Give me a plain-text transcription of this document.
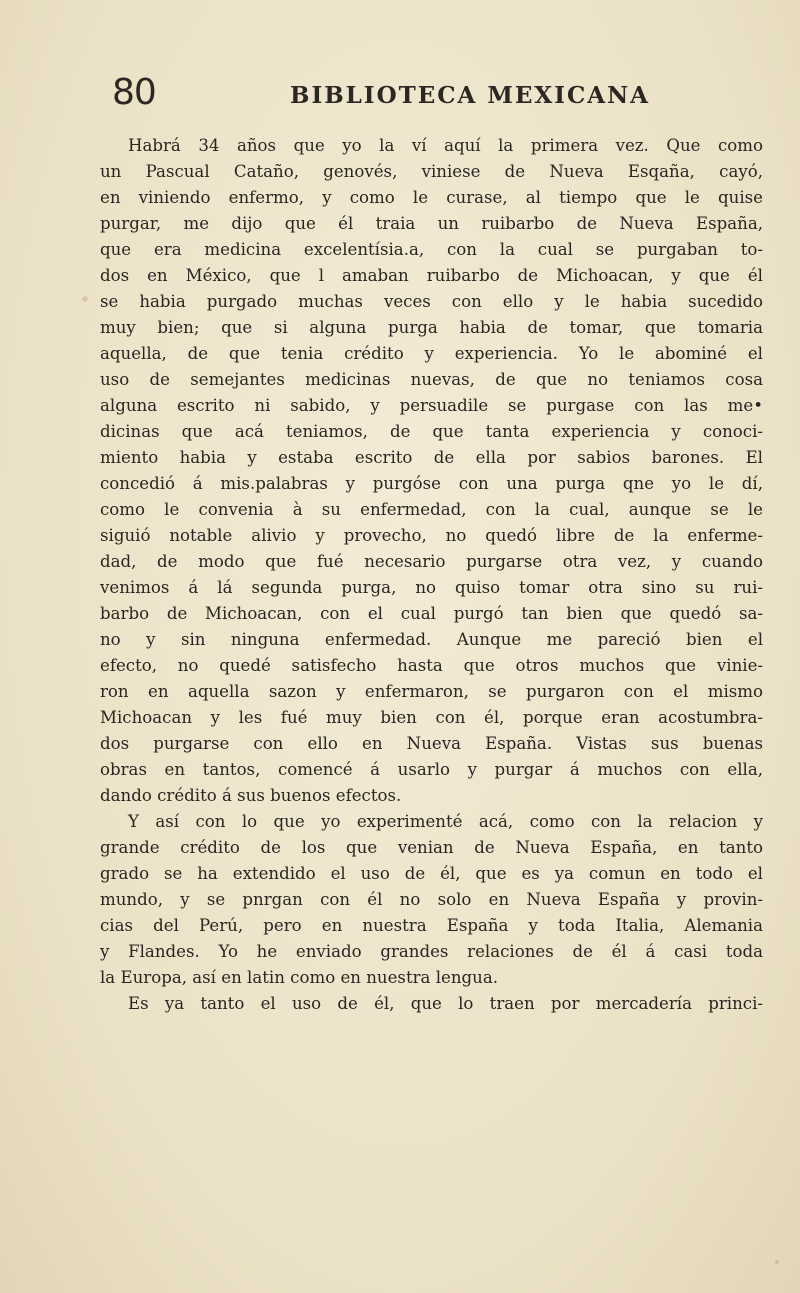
80	BIBLIOTECA MEXICANA
Habrá 34 años que yo la ví aquí la primera vez. Que como
un Pascual Cataño, genovés, viniese de Nueva Esqaña, cayó,
en viniendo enfermo, y como le curase, al tiempo que le quise
purgar, me dijo que él traia un ruibarbo de Nueva España,
que era medicina excelentísia.a, con la cual se purgaban to-
dos en México, que l amaban ruibarbo de Michoacan, y que él
se habia purgado muchas veces con ello y le habia sucedido
muy bien; que si alguna purga habia de tomar, que tomaria
aquella, de que tenia crédito y experiencia. Yo le abominé el
uso de semejantes medicinas nuevas, de que no teniamos cosa
alguna escrito ni sabido, y persuadile se purgase con las me•
dicinas que acá teniamos, de que tanta experiencia y conoci-
miento habia y estaba escrito de ella por sabios barones. El
concedió á mis.palabras y purgóse con una purga qne yo le dí,
como le convenia à su enfermedad, con la cual, aunque se le
siguió notable alivio y provecho, no quedó libre de la enferme-
dad, de modo que fué necesario purgarse otra vez, y cuando
venimos á lá segunda purga, no quiso tomar otra sino su rui-
barbo de Michoacan, con el cual purgó tan bien que quedó sa-
no y sin ninguna enfermedad. Aunque me pareció bien el
efecto, no quedé satisfecho hasta que otros muchos que vinie-
ron en aquella sazon y enfermaron, se purgaron con el mismo
Michoacan y les fué muy bien con él, porque eran acostumbra-
dos purgarse con ello en Nueva España. Vistas sus buenas
obras en tantos, comencé á usarlo y purgar á muchos con ella,
dando crédito á sus buenos efectos.
Y así con lo que yo experimenté acá, como con la relacion y
grande crédito de los que venian de Nueva España, en tanto
grado se ha extendido el uso de él, que es ya comun en todo el
mundo, y se pnrgan con él no solo en Nueva España y provin-
cias del Perú, pero en nuestra España y toda Italia, Alemania
y Flandes. Yo he enviado grandes relaciones de él á casi toda
la Europa, así en latin como en nuestra lengua.
Es ya tanto el uso de él, que lo traen por mercadería princi-
